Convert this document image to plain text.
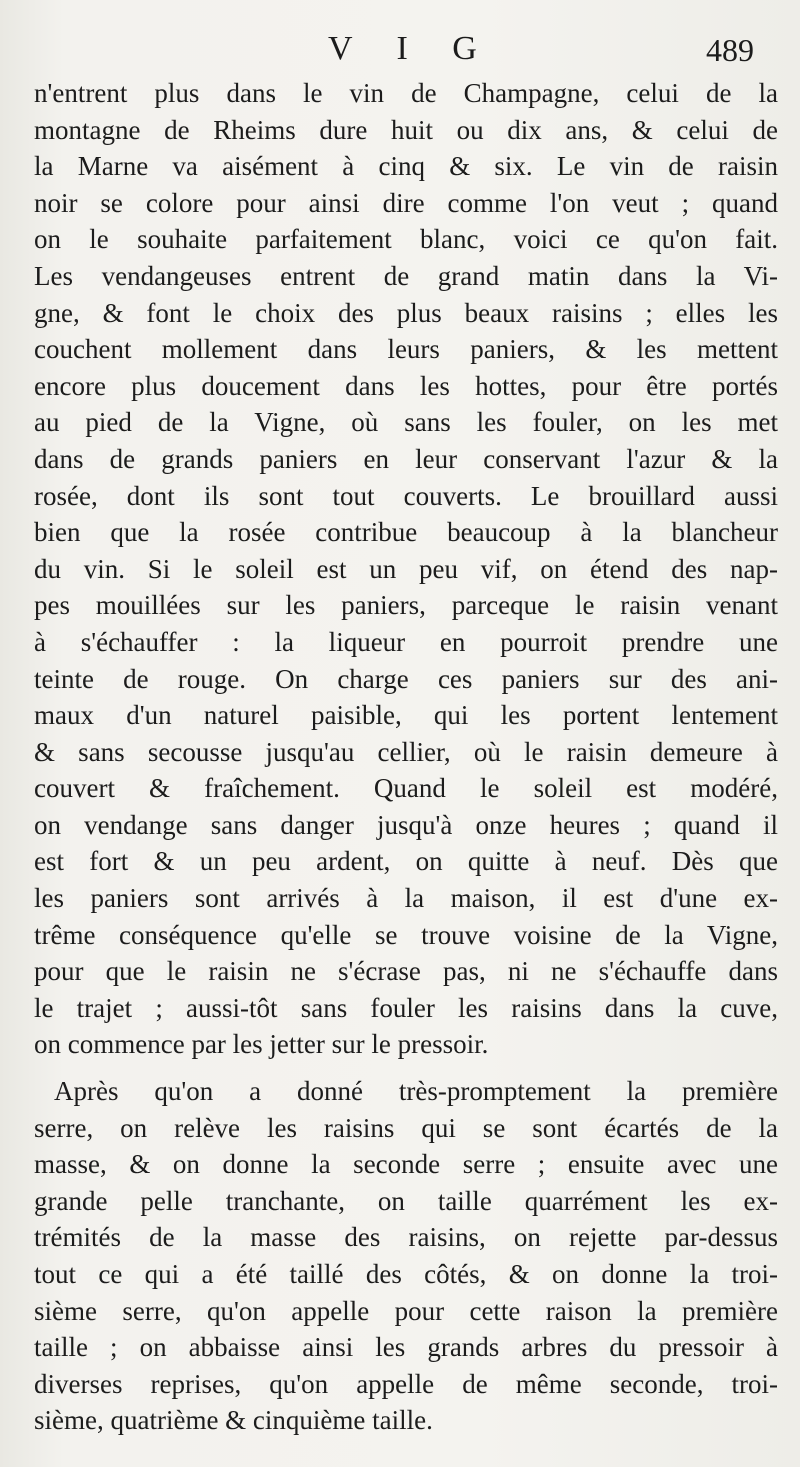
V I G	489
n'entrent plus dans le vin de Champagne, celui de la
montagne de Rheims dure huit ou dix ans, & celui de
la Marne va aisément à cinq & six. Le vin de raisin
noir se colore pour ainsi dire comme l'on veut ; quand
on le souhaite parfaitement blanc, voici ce qu'on fait.
Les vendangeuses entrent de grand matin dans la Vi-
gne, & font le choix des plus beaux raisins ; elles les
couchent mollement dans leurs paniers, & les mettent
encore plus doucement dans les hottes, pour être portés
au pied de la Vigne, où sans les fouler, on les met
dans de grands paniers en leur conservant l'azur & la
rosée, dont ils sont tout couverts. Le brouillard aussi
bien que la rosée contribue beaucoup à la blancheur
du vin. Si le soleil est un peu vif, on étend des nap-
pes mouillées sur les paniers, parceque le raisin venant
à s'échauffer : la liqueur en pourroit prendre une
teinte de rouge. On charge ces paniers sur des ani-
maux d'un naturel paisible, qui les portent lentement
& sans secousse jusqu'au cellier, où le raisin demeure à
couvert & fraîchement. Quand le soleil est modéré,
on vendange sans danger jusqu'à onze heures ; quand il
est fort & un peu ardent, on quitte à neuf. Dès que
les paniers sont arrivés à la maison, il est d'une ex-
trême conséquence qu'elle se trouve voisine de la Vigne,
pour que le raisin ne s'écrase pas, ni ne s'échauffe dans
le trajet ; aussi-tôt sans fouler les raisins dans la cuve,
on commence par les jetter sur le pressoir.
Après qu'on a donné très-promptement la première
serre, on relève les raisins qui se sont écartés de la
masse, & on donne la seconde serre ; ensuite avec une
grande pelle tranchante, on taille quarrément les ex-
trémités de la masse des raisins, on rejette par-dessus
tout ce qui a été taillé des côtés, & on donne la troi-
sième serre, qu'on appelle pour cette raison la première
taille ; on abbaisse ainsi les grands arbres du pressoir à
diverses reprises, qu'on appelle de même seconde, troi-
sième, quatrième & cinquième taille.
